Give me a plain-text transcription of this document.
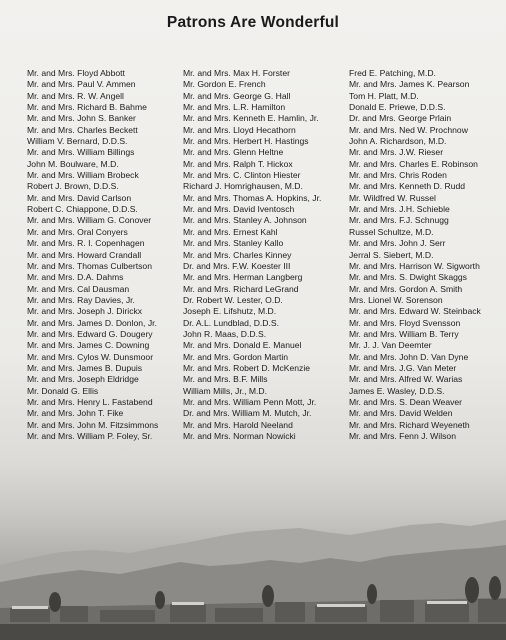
Patrons Are Wonderful
Mr. and Mrs. Floyd Abbott
Mr. and Mrs. Paul V. Ammen
Mr. and Mrs. R. W. Angell
Mr. and Mrs. Richard B. Bahme
Mr. and Mrs. John S. Banker
Mr. and Mrs. Charles Beckett
William V. Bernard, D.D.S.
Mr. and Mrs. William Billings
John M. Boulware, M.D.
Mr. and Mrs. William Brobeck
Robert J. Brown, D.D.S.
Mr. and Mrs. David Carlson
Robert C. Chiappone, D.D.S.
Mr. and Mrs. William G. Conover
Mr. and Mrs. Oral Conyers
Mr. and Mrs. R. I. Copenhagen
Mr. and Mrs. Howard Crandall
Mr. and Mrs. Thomas Culbertson
Mr. and Mrs. D.A. Dahms
Mr. and Mrs. Cal Dausman
Mr. and Mrs. Ray Davies, Jr.
Mr. and Mrs. Joseph J. Dirickx
Mr. and Mrs. James D. Donlon, Jr.
Mr. and Mrs. Edward G. Dougery
Mr. and Mrs. James C. Downing
Mr. and Mrs. Cylos W. Dunsmoor
Mr. and Mrs. James B. Dupuis
Mr. and Mrs. Joseph Eldridge
Mr. Donald G. Ellis
Mr. and Mrs. Henry L. Fastabend
Mr. and Mrs. John T. Fike
Mr. and Mrs. John M. Fitzsimmons
Mr. and Mrs. William P. Foley, Sr.
Mr. and Mrs. Max H. Forster
Mr. Gordon E. French
Mr. and Mrs. George G. Hall
Mr. and Mrs. L.R. Hamilton
Mr. and Mrs. Kenneth E. Hamlin, Jr.
Mr. and Mrs. Lloyd Hecathorn
Mr. and Mrs. Herbert H. Hastings
Mr. and Mrs. Glenn Heltne
Mr. and Mrs. Ralph T. Hickox
Mr. and Mrs. C. Clinton Hiester
Richard J. Homrighausen, M.D.
Mr. and Mrs. Thomas A. Hopkins, Jr.
Mr. and Mrs. David Iventosch
Mr. and Mrs. Stanley A. Johnson
Mr. and Mrs. Ernest Kahl
Mr. and Mrs. Stanley Kallo
Mr. and Mrs. Charles Kinney
Dr. and Mrs. F.W. Koester III
Mr. and Mrs. Herman Langberg
Mr. and Mrs. Richard LeGrand
Dr. Robert W. Lester, O.D.
Joseph E. Lifshutz, M.D.
Dr. A.L. Lundblad, D.D.S.
John R. Maas, D.D.S.
Mr. and Mrs. Donald E. Manuel
Mr. and Mrs. Gordon Martin
Mr. and Mrs. Robert D. McKenzie
Mr. and Mrs. B.F. Mills
William Mills, Jr., M.D.
Mr. and Mrs. William Penn Mott, Jr.
Dr. and Mrs. William M. Mutch, Jr.
Mr. and Mrs. Harold Neeland
Mr. and Mrs. Norman Nowicki
Fred E. Patching, M.D.
Mr. and Mrs. James K. Pearson
Tom H. Platt, M.D.
Donald E. Priewe, D.D.S.
Dr. and Mrs. George Prlain
Mr. and Mrs. Ned W. Prochnow
John A. Richardson, M.D.
Mr. and Mrs. J.W. Rieser
Mr. and Mrs. Charles E. Robinson
Mr. and Mrs. Chris Roden
Mr. and Mrs. Kenneth D. Rudd
Mr. Wildfred W. Russel
Mr. and Mrs. J.H. Schieble
Mr. and Mrs. F.J. Schnugg
Russel Schultze, M.D.
Mr. and Mrs. John J. Serr
Jerral S. Siebert, M.D.
Mr. and Mrs. Harrison W. Sigworth
Mr. and Mrs. S. Dwight Skaggs
Mr. and Mrs. Gordon A. Smith
Mrs. Lionel W. Sorenson
Mr. and Mrs. Edward W. Steinback
Mr. and Mrs. Floyd Svensson
Mr. and Mrs. William B. Terry
Mr. J. J. Van Deemter
Mr. and Mrs. John D. Van Dyne
Mr. and Mrs. J.G. Van Meter
Mr. and Mrs. Alfred W. Warias
James E. Wasley, D.D.S.
Mr. and Mrs. S. Dean Weaver
Mr. and Mrs. David Welden
Mr. and Mrs. Richard Weyeneth
Mr. and Mrs. Fenn J. Wilson
